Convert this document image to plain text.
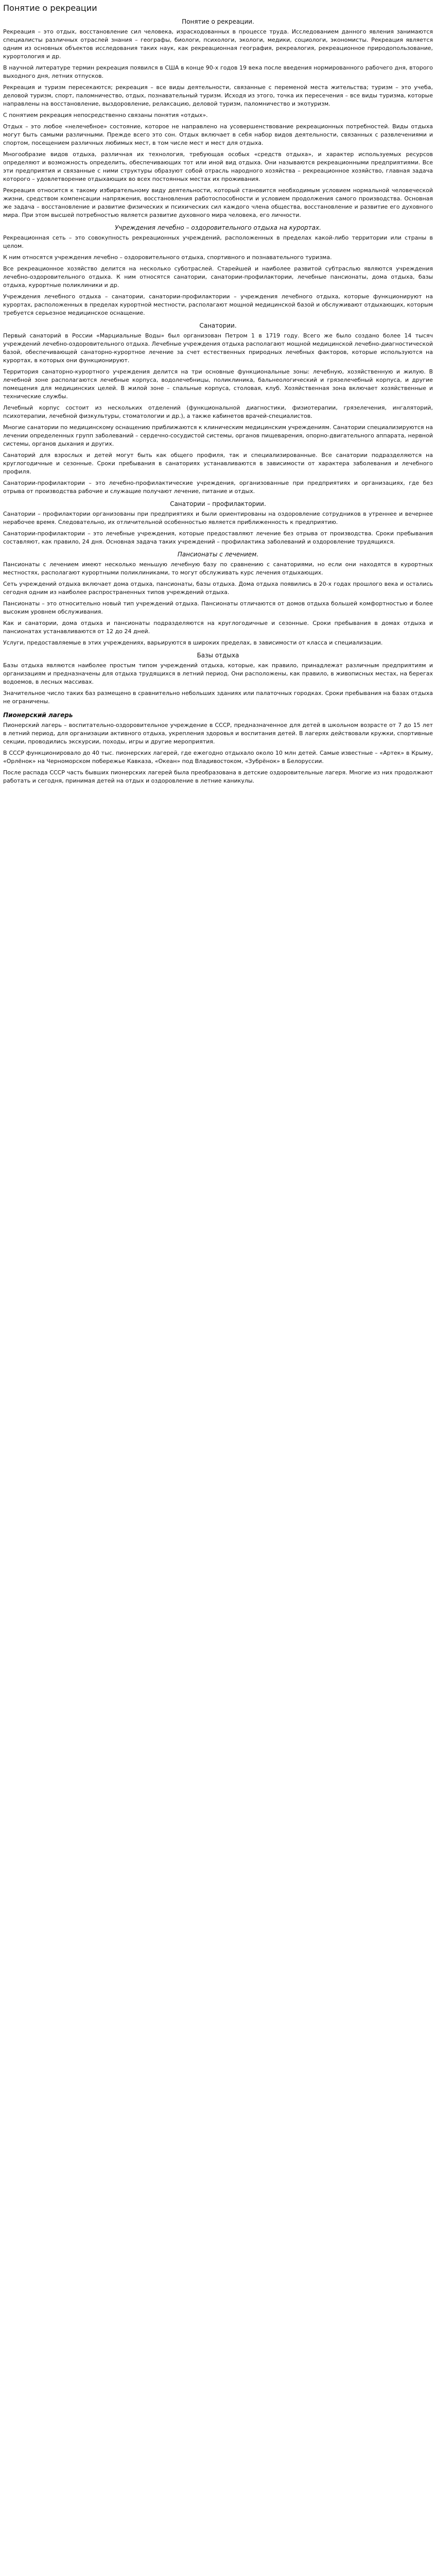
Понятие о рекреации
Понятие о рекреации.

Рекреация – это отдых, восстановление сил человека, израсходованных в процессе труда. Исследованием данного явления занимаются специалисты различных отраслей знания – географы, биологи, психологи, экологи, медики, социологи, экономисты. Рекреация является одним из основных объектов исследования таких наук, как рекреационная география, рекреалогия, рекреационное природопользование, курортология и др.

В научной литературе термин рекреация появился в США в конце 90-х годов 19 века после введения нормированного рабочего дня, второго выходного дня, летних отпусков.

Рекреация и туризм пересекаются; рекреация – все виды деятельности, связанные с переменой места жительства; туризм – это учеба, деловой туризм, спорт, паломничество, отдых, познавательный туризм. Исходя из этого, точка их пересечения – все виды туризма, которые направлены на восстановление, выздоровление, релаксацию, деловой туризм, паломничество и экотуризм.

С понятием рекреация непосредственно связаны понятия «отдых».

Отдых – это любое «нелечебное» состояние, которое не направлено на усовершенствование рекреационных потребностей. Виды отдыха могут быть самыми различными. Прежде всего это сон. Отдых включает в себя набор видов деятельности, связанных с развлечениями и спортом, посещением различных любимых мест, в том числе мест и мест для отдыха.

Многообразие видов отдыха, различная их технология, требующая особых «средств отдыха», и характер используемых ресурсов определяют и возможность определить, обеспечивающих тот или иной вид отдыха. Они называются рекреационными предприятиями. Все эти предприятия и связанные с ними структуры образуют собой отрасль народного хозяйства – рекреационное хозяйство, главная задача которого – удовлетворение отдыхающих во всех постоянных местах их проживания.

Рекреация относится к такому избирательному виду деятельности, который становится необходимым условием нормальной человеческой жизни, средством компенсации напряжения, восстановления работоспособности и условием продолжения самого производства. Основная же задача – восстановление и развитие физических и психических сил каждого члена общества, восстановление и развитие его духовного мира. При этом высшей потребностью является развитие духовного мира человека, его личности.

Учреждения лечебно – оздоровительного отдыха на курортах.

Рекреационная сеть – это совокупность рекреационных учреждений, расположенных в пределах какой-либо территории или страны в целом.

К ним относятся учреждения лечебно – оздоровительного отдыха, спортивного и познавательного туризма.

Все рекреационное хозяйство делится на несколько суботраслей. Старейшей и наиболее развитой субтраслью являются учреждения лечебно-оздоровительного отдыха. К ним относятся санатории, санатории-профилактории, лечебные пансионаты, дома отдыха, базы отдыха, курортные поликлиники и др.

Учреждения лечебного отдыха – санатории, санатории-профилактории – учреждения лечебного отдыха, которые функционируют на курортах, расположенных в пределах курортной местности, располагают мощной медицинской базой и обслуживают отдыхающих, которым требуется серьезное медицинское оснащение.

Санатории.

Первый санаторий в России «Марциальные Воды» был организован Петром 1 в 1719 году. Всего же было создано более 14 тысяч учреждений лечебно-оздоровительного отдыха. Лечебные учреждения отдыха располагают мощной медицинской лечебно-диагностической базой, обеспечивающей санаторно-курортное лечение за счет естественных природных лечебных факторов, которые используются на курортах, в которых они функционируют.

Территория санаторно-курортного учреждения делится на три основные функциональные зоны: лечебную, хозяйственную и жилую. В лечебной зоне располагаются лечебные корпуса, водолечебницы, поликлиника, бальнеологический и грязелечебный корпуса, и другие помещения для медицинских целей. В жилой зоне – спальные корпуса, столовая, клуб. Хозяйственная зона включает хозяйственные и технические службы.

Лечебный корпус состоит из нескольких отделений (функциональной диагностики, физиотерапии, грязелечения, ингаляторий, психотерапии, лечебной физкультуры, стоматологии и др.), а также кабинетов врачей-специалистов.

Многие санатории по медицинскому оснащению приближаются к клиническим медицинским учреждениям. Санатории специализируются на лечении определенных групп заболеваний – сердечно-сосудистой системы, органов пищеварения, опорно-двигательного аппарата, нервной системы, органов дыхания и других.

Санаторий для взрослых и детей могут быть как общего профиля, так и специализированные. Все санатории подразделяются на круглогодичные и сезонные. Сроки пребывания в санаториях устанавливаются в зависимости от характера заболевания и лечебного профиля.

Санатории-профилактории – это лечебно-профилактические учреждения, организованные при предприятиях и организациях, где без отрыва от производства рабочие и служащие получают лечение, питание и отдых.

Санатории – профилактории.

Санатории – профилактории организованы при предприятиях и были ориентированы на оздоровление сотрудников в утреннее и вечернее нерабочее время. Следовательно, их отличительной особенностью является приближенность к предприятию.

Санатории-профилактории – это лечебные учреждения, которые предоставляют лечение без отрыва от производства. Сроки пребывания составляют, как правило, 24 дня. Основная задача таких учреждений – профилактика заболеваний и оздоровление трудящихся.

Пансионаты с лечением.

Пансионаты с лечением имеют несколько меньшую лечебную базу по сравнению с санаториями, но если они находятся в курортных местностях, располагают курортными поликлиниками, то могут обслуживать курс лечения отдыхающих.

Сеть учреждений отдыха включает дома отдыха, пансионаты, базы отдыха. Дома отдыха появились в 20-х годах прошлого века и остались сегодня одним из наиболее распространенных типов учреждений отдыха.

Пансионаты – это относительно новый тип учреждений отдыха. Пансионаты отличаются от домов отдыха большей комфортностью и более высоким уровнем обслуживания.

Как и санатории, дома отдыха и пансионаты подразделяются на круглогодичные и сезонные. Сроки пребывания в домах отдыха и пансионатах устанавливаются от 12 до 24 дней.

Услуги, предоставляемые в этих учреждениях, варьируются в широких пределах, в зависимости от класса и специализации.

Базы отдыха

Базы отдыха являются наиболее простым типом учреждений отдыха, которые, как правило, принадлежат различным предприятиям и организациям и предназначены для отдыха трудящихся в летний период. Они расположены, как правило, в живописных местах, на берегах водоемов, в лесных массивах.

Значительное число таких баз размещено в сравнительно небольших зданиях или палаточных городках. Сроки пребывания на базах отдыха не ограничены.

Пионерский лагерь

Пионерский лагерь – воспитательно-оздоровительное учреждение в СССР, предназначенное для детей в школьном возрасте от 7 до 15 лет в летний период, для организации активного отдыха, укрепления здоровья и воспитания детей. В лагерях действовали кружки, спортивные секции, проводились экскурсии, походы, игры и другие мероприятия.

В СССР функционировало до 40 тыс. пионерских лагерей, где ежегодно отдыхало около 10 млн детей. Самые известные – «Артек» в Крыму, «Орлёнок» на Черноморском побережье Кавказа, «Океан» под Владивостоком, «Зубрёнок» в Белоруссии.

После распада СССР часть бывших пионерских лагерей была преобразована в детские оздоровительные лагеря. Многие из них продолжают работать и сегодня, принимая детей на отдых и оздоровление в летние каникулы.
